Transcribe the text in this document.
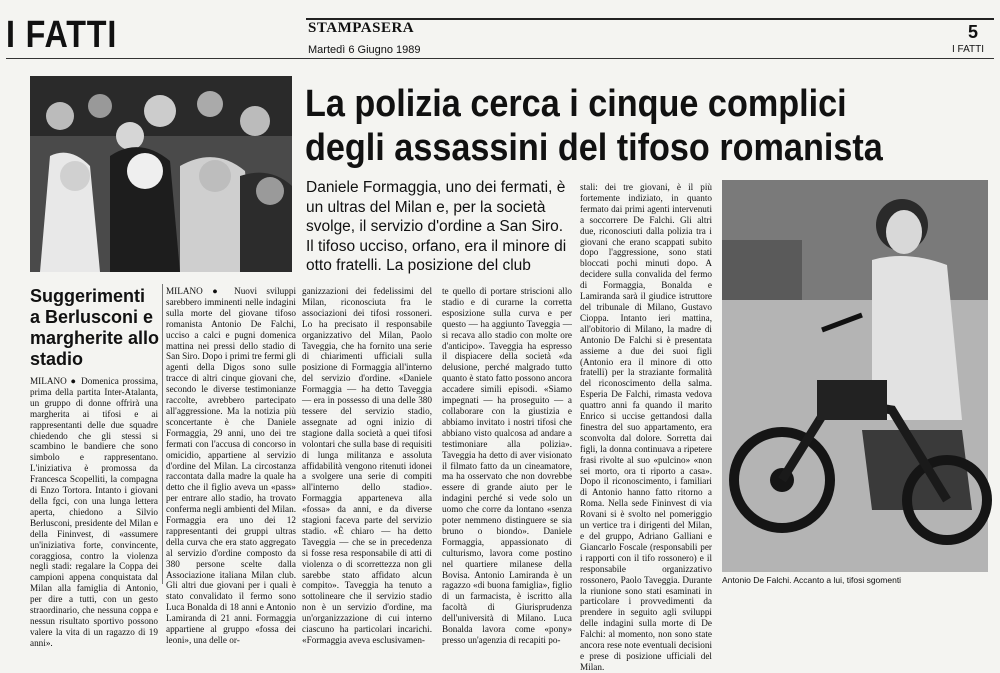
I FATTI	STAMPASERA
Martedì 6 Giugno 1989
5
I FATTI
La polizia cerca i cinque complici
degli assassini del tifoso romanista
Daniele Formaggia, uno dei fermati, è un ultras del Milan e, per la società svolge, il servizio d'ordine a San Siro. Il tifoso ucciso, orfano, era il minore di otto fratelli. La posizione del club
Suggerimenti a Berlusconi e margherite allo stadio

MILANO ● Domenica prossima, prima della partita Inter-Atalanta, un gruppo di donne offrirà una margherita ai tifosi e ai rappresentanti delle due squadre chiedendo che gli stessi si scambino le bandiere che sono simbolo e rappresentano. L'iniziativa è promossa da Francesca Scopelliti, la compagna di Enzo Tortora. Intanto i giovani della fgci, con una lunga lettera aperta, chiedono a Silvio Berlusconi, presidente del Milan e della Fininvest, di «assumere un'iniziativa forte, convincente, coraggiosa, contro la violenza negli stadi: regalare la Coppa dei campioni appena conquistata dal Milan alla famiglia di Antonio, per dire a tutti, con un gesto straordinario, che nessuna coppa e nessun risultato sportivo possono valere la vita di un ragazzo di 19 anni».

MILANO ● Nuovi sviluppi sarebbero imminenti nelle indagini sulla morte del giovane tifoso romanista Antonio De Falchi, ucciso a calci e pugni domenica mattina nei pressi dello stadio di San Siro. Dopo i primi tre fermi gli agenti della Digos sono sulle tracce di altri cinque giovani che, secondo le diverse testimonianze raccolte, avrebbero partecipato all'aggressione. Ma la notizia più sconcertante è che Daniele Formaggia, 29 anni, uno dei tre fermati con l'accusa di concorso in omicidio, appartiene al servizio d'ordine del Milan. La circostanza raccontata dalla madre la quale ha detto che il figlio aveva un «pass» per entrare allo stadio, ha trovato conferma negli ambienti del Milan. Formaggia era uno dei 12 rappresentanti dei gruppi ultras della curva che era stato aggregato al servizio d'ordine composto da 380 persone scelte dalla Associazione italiana Milan club. Gli altri due giovani per i quali è stato convalidato il fermo sono Luca Bonalda di 18 anni e Antonio Lamiranda di 21 anni. Formaggia appartiene al gruppo «fossa dei leoni», una delle or-

ganizzazioni dei fedelissimi del Milan, riconosciuta fra le associazioni dei tifosi rossoneri. Lo ha precisato il responsabile organizzativo del Milan, Paolo Taveggia, che ha fornito una serie di chiarimenti ufficiali sulla posizione di Formaggia all'interno del servizio d'ordine. «Daniele Formaggia — ha detto Taveggia — era in possesso di una delle 380 tessere del servizio stadio, assegnate ad ogni inizio di stagione dalla società a quei tifosi volontari che sulla base di requisiti di lunga militanza e assoluta affidabilità vengono ritenuti idonei a svolgere una serie di compiti all'interno dello stadio». Formaggia apparteneva alla «fossa» da anni, e da diverse stagioni faceva parte del servizio stadio. «È chiaro — ha detto Taveggia — che se in precedenza si fosse resa responsabile di atti di violenza o di scorrettezza non gli sarebbe stato affidato alcun compito». Taveggia ha tenuto a sottolineare che il servizio stadio non è un servizio d'ordine, ma un'organizzazione di cui interno ciascuno ha particolari incarichi. «Formaggia aveva esclusivamen-

te quello di portare striscioni allo stadio e di curarne la corretta esposizione sulla curva e per questo — ha aggiunto Taveggia — si recava allo stadio con molte ore d'anticipo». Taveggia ha espresso il dispiacere della società «da delusione, perché malgrado tutto quanto è stato fatto possono ancora accadere simili episodi. «Siamo impegnati — ha proseguito — a collaborare con la giustizia e abbiamo invitato i nostri tifosi che abbiano visto qualcosa ad andare a testimoniare alla polizia». Taveggia ha detto di aver visionato il filmato fatto da un cineamatore, ma ha osservato che non dovrebbe essere di grande aiuto per le indagini perché si vede solo un uomo che corre da lontano «senza poter nemmeno distinguere se sia bruno o biondo». Daniele Formaggia, appassionato di culturismo, lavora come postino nel quartiere milanese della Bovisa. Antonio Lamiranda è un ragazzo «di buona famiglia», figlio di un farmacista, è iscritto alla facoltà di Giurisprudenza dell'università di Milano. Luca Bonalda lavora come «pony» presso un'agenzia di recapiti po-

stali: dei tre giovani, è il più fortemente indiziato, in quanto fermato dai primi agenti intervenuti a soccorrere De Falchi. Gli altri due, riconosciuti dalla polizia tra i giovani che erano scappati subito dopo l'aggressione, sono stati bloccati pochi minuti dopo. A decidere sulla convalida del fermo di Formaggia, Bonalda e Lamiranda sarà il giudice istruttore del tribunale di Milano, Gustavo Cioppa. Intanto ieri mattina, all'obitorio di Milano, la madre di Antonio De Falchi si è presentata assieme a due dei suoi figli (Antonio era il minore di otto fratelli) per la straziante formalità del riconoscimento della salma. Esperia De Falchi, rimasta vedova quattro anni fa quando il marito Enrico si uccise gettandosi dalla finestra del suo appartamento, era sconvolta dal dolore. Sorretta dai figli, la donna continuava a ripetere frasi rivolte al suo «pulcino» «non sei morto, ora ti riporto a casa». Dopo il riconoscimento, i familiari di Antonio hanno fatto ritorno a Roma. Nella sede Fininvest di via Rovani si è svolto nel pomeriggio un vertice tra i dirigenti del Milan, e del gruppo, Adriano Galliani e Giancarlo Foscale (responsabili per i rapporti con il tifo rossonero) e il responsabile organizzativo rossonero, Paolo Taveggia. Durante la riunione sono stati esaminati in particolare i provvedimenti da prendere in seguito agli sviluppi delle indagini sulla morte di De Falchi: al momento, non sono state ancora rese note eventuali decisioni e prese di posizione ufficiali del Milan.

Antonio De Falchi. Accanto a lui, tifosi sgomenti
